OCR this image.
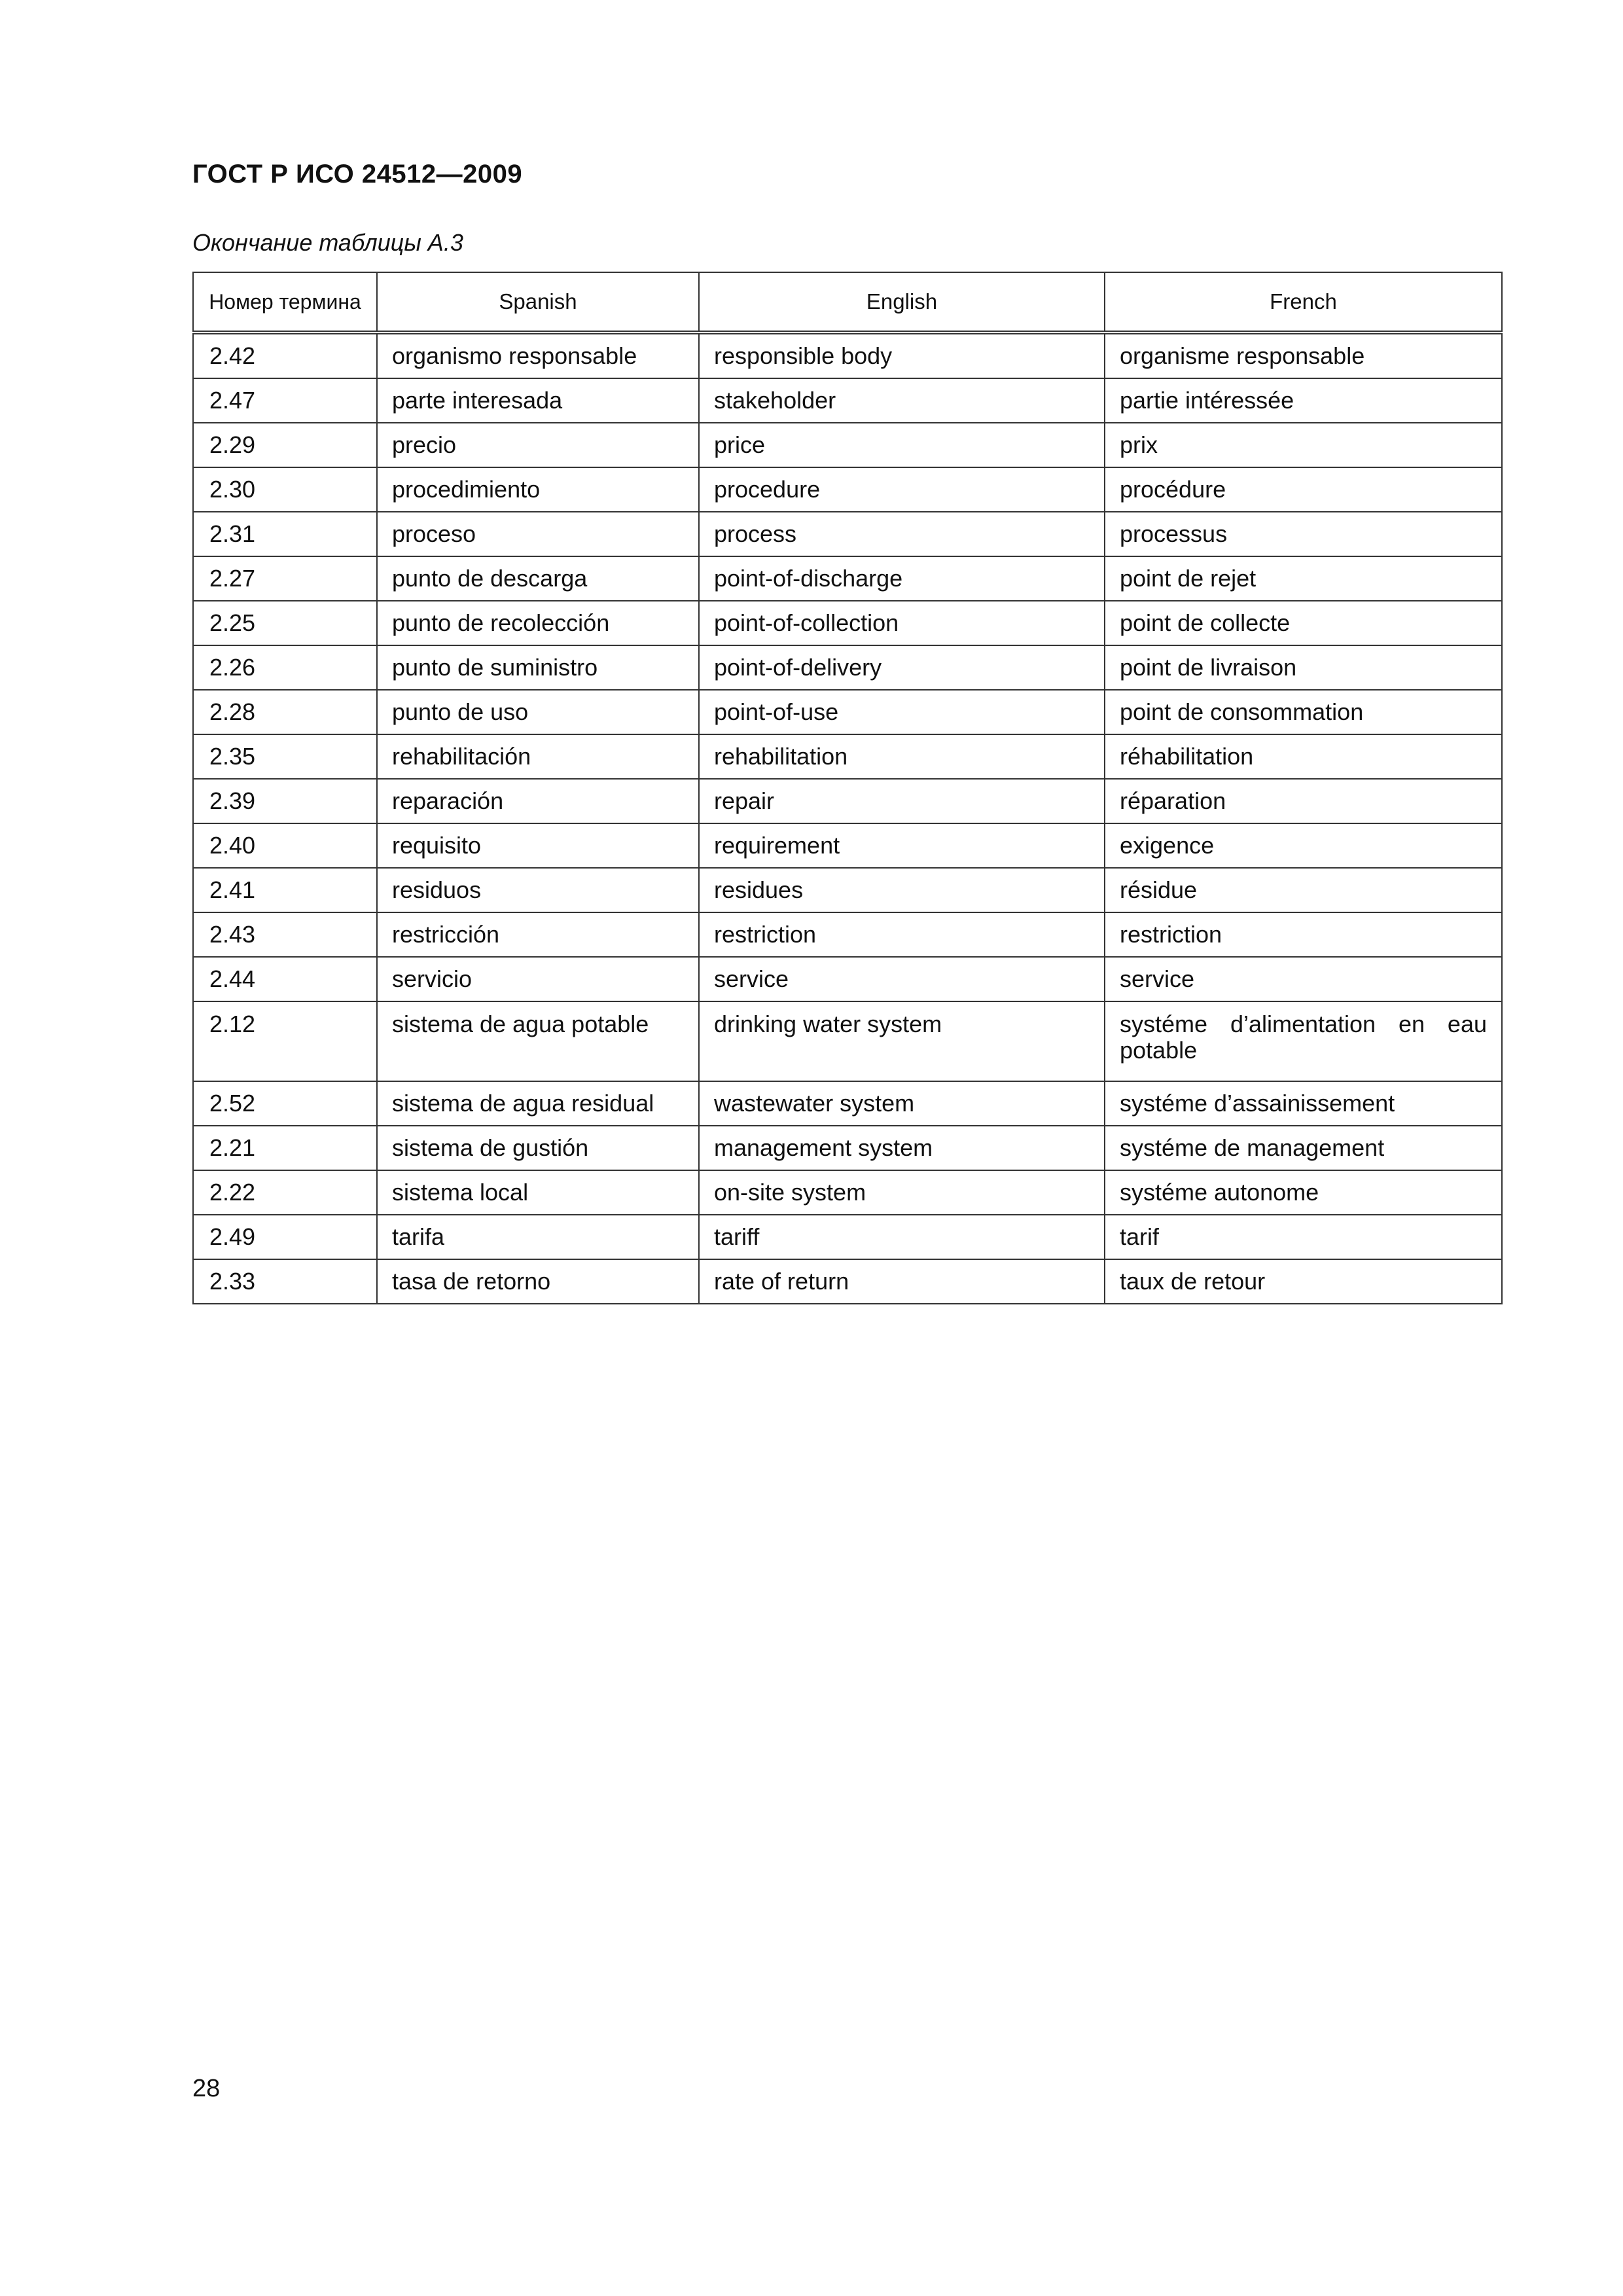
ГОСТ Р ИСО 24512—2009
Окончание таблицы А.3
Номер термина	Spanish	English	French
2.42	organismo responsable	responsible body	organisme responsable
2.47	parte interesada	stakeholder	partie intéressée
2.29	precio	price	prix
2.30	procedimiento	procedure	procédure
2.31	proceso	process	processus
2.27	punto de descarga	point-of-discharge	point de rejet
2.25	punto de recolección	point-of-collection	point de collecte
2.26	punto de suministro	point-of-delivery	point de livraison
2.28	punto de uso	point-of-use	point de consommation
2.35	rehabilitación	rehabilitation	réhabilitation
2.39	reparación	repair	réparation
2.40	requisito	requirement	exigence
2.41	residuos	residues	résidue
2.43	restricción	restriction	restriction
2.44	servicio	service	service
2.12	sistema de agua potable	drinking water system	systéme d’alimentation en eau potable
2.52	sistema de agua residual	wastewater system	systéme d’assainissement
2.21	sistema de gustión	management system	systéme de management
2.22	sistema local	on-site system	systéme autonome
2.49	tarifa	tariff	tarif
2.33	tasa de retorno	rate of return	taux de retour
28
